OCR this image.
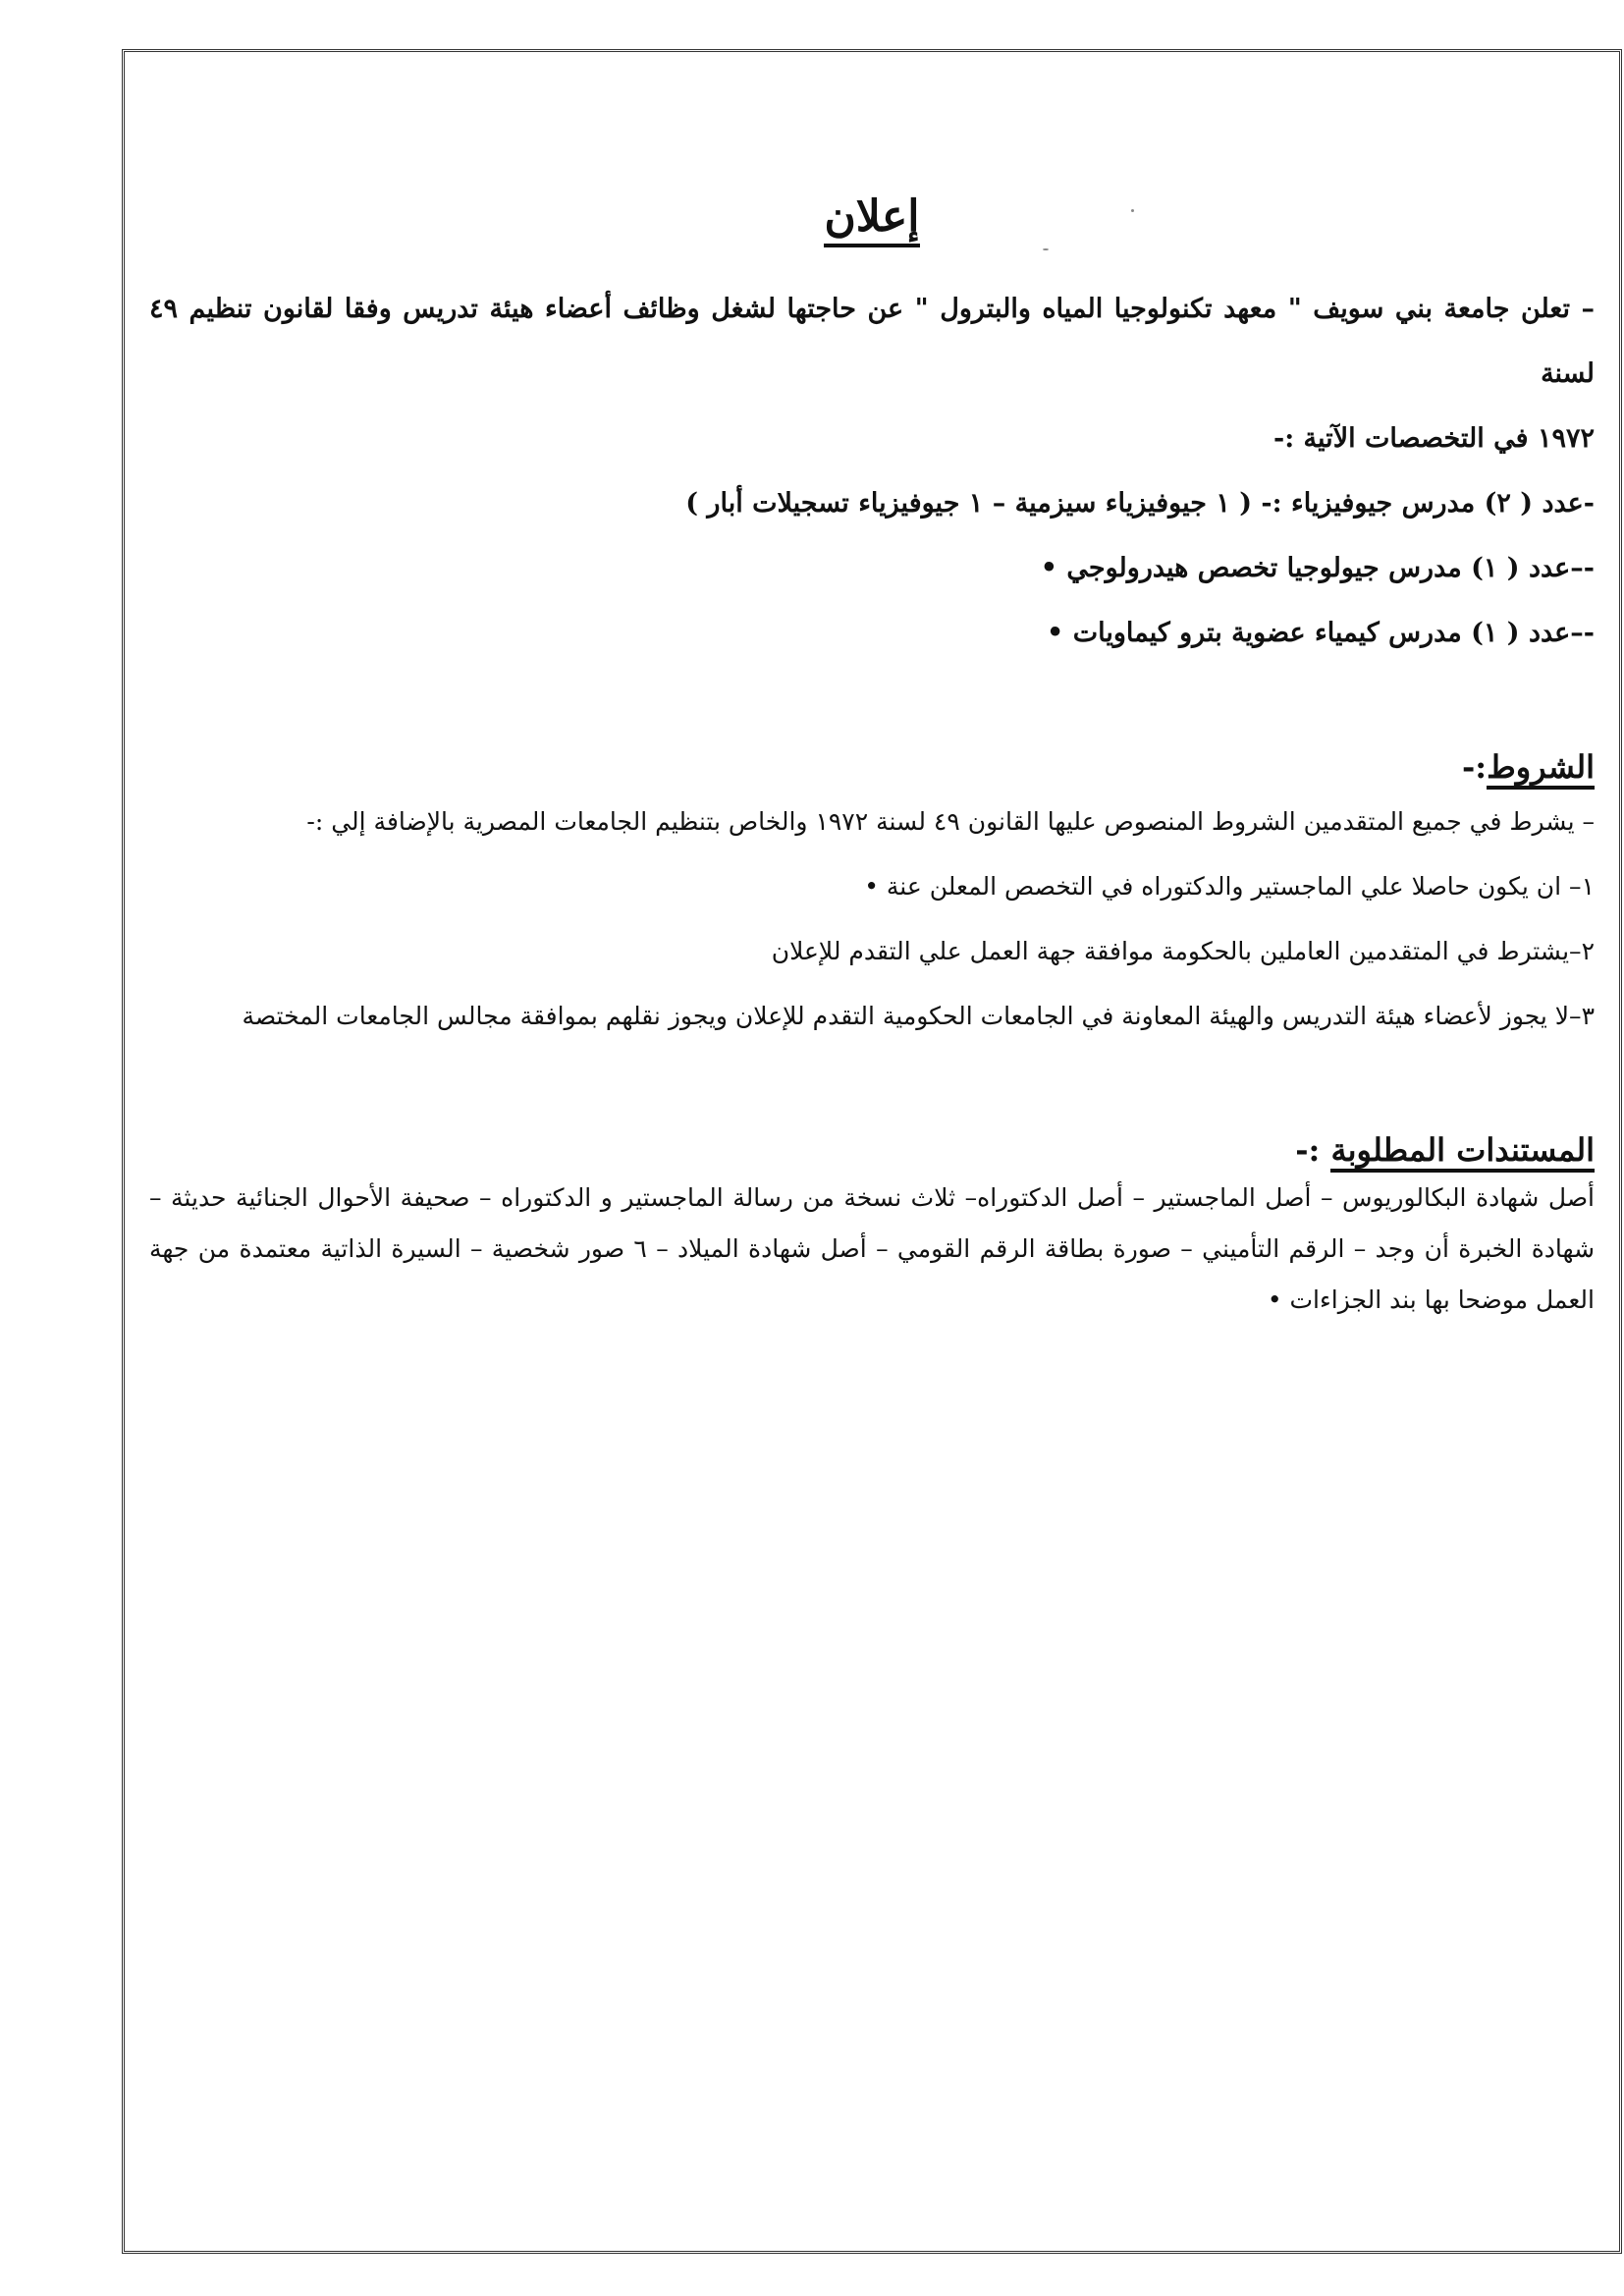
إعلان

– تعلن جامعة بني سويف " معهد تكنولوجيا المياه والبترول " عن حاجتها لشغل وظائف أعضاء هيئة تدريس وفقا لقانون تنظيم ٤٩ لسنة

١٩٧٢ في التخصصات الآتية :-

-عدد ( ٢) مدرس جيوفيزياء :- ( ١ جيوفيزياء سيزمية – ١ جيوفيزياء تسجيلات أبار )

-–عدد ( ١) مدرس جيولوجيا تخصص هيدرولوجي •

-–عدد ( ١) مدرس كيمياء عضوية بترو كيماويات •

الشروط:-

– يشرط في جميع المتقدمين الشروط المنصوص عليها القانون ٤٩ لسنة ١٩٧٢ والخاص بتنظيم الجامعات المصرية بالإضافة إلي :-

١– ان يكون حاصلا علي الماجستير والدكتوراه في التخصص المعلن عنة •

٢–يشترط في المتقدمين العاملين بالحكومة موافقة جهة العمل علي التقدم للإعلان

٣–لا يجوز لأعضاء هيئة التدريس والهيئة المعاونة في الجامعات الحكومية التقدم للإعلان ويجوز نقلهم بموافقة مجالس الجامعات المختصة

المستندات المطلوبة :-

أصل شهادة البكالوريوس – أصل الماجستير – أصل الدكتوراه– ثلاث نسخة من رسالة الماجستير و الدكتوراه – صحيفة الأحوال الجنائية حديثة – شهادة الخبرة أن وجد – الرقم التأميني – صورة بطاقة الرقم القومي – أصل شهادة الميلاد – ٦ صور شخصية – السيرة الذاتية معتمدة من جهة العمل موضحا بها بند الجزاءات •
